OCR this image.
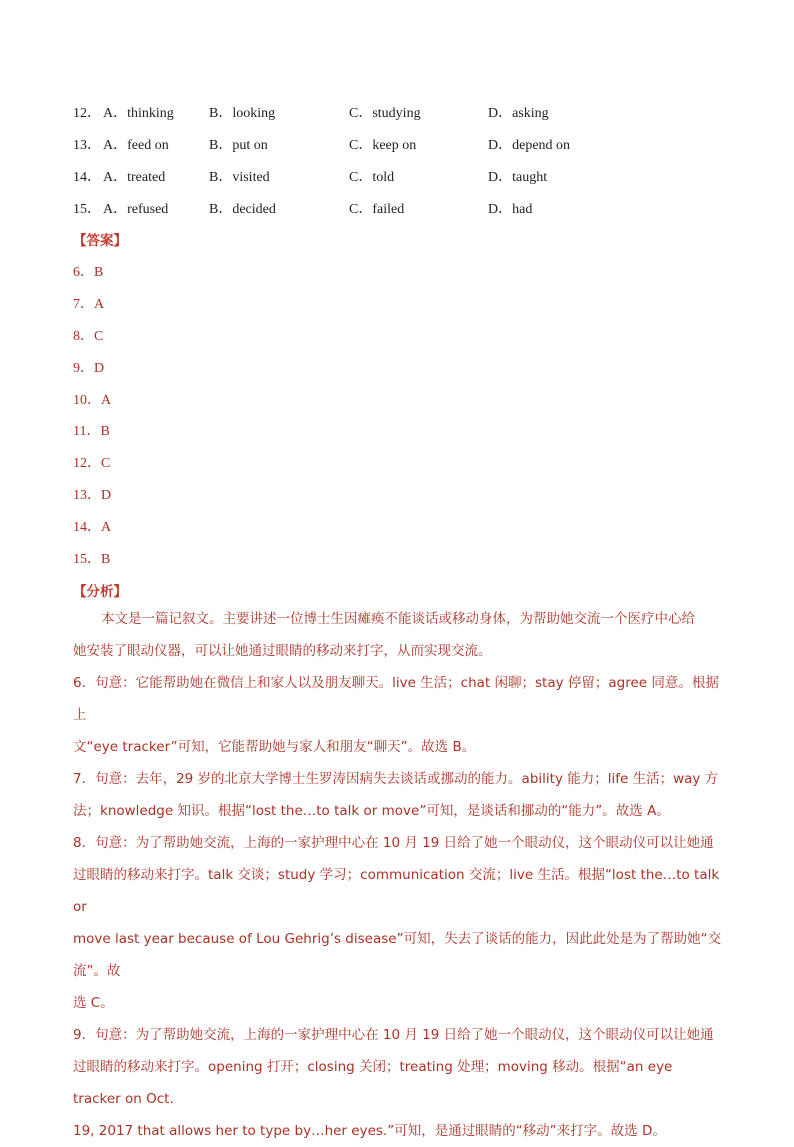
12． A．thinking	B．looking	C．studying	D．asking
13． A．feed on	B．put on	C．keep on	D．depend on
14． A．treated	B．visited	C．told	D．taught
15． A．refused	B．decided	C．failed	D．had
【答案】
6．B
7．A
8．C
9．D
10．A
11．B
12．C
13．D
14．A
15．B
【分析】

本文是一篇记叙文。主要讲述一位博士生因瘫痪不能谈话或移动身体，为帮助她交流一个医疗中心给

她安装了眼动仪器，可以让她通过眼睛的移动来打字，从而实现交流。

6．句意：它能帮助她在微信上和家人以及朋友聊天。live 生活；chat 闲聊；stay 停留；agree 同意。根据上

文“eye tracker”可知，它能帮助她与家人和朋友“聊天”。故选 B。

7．句意：去年，29 岁的北京大学博士生罗涛因病失去谈话或挪动的能力。ability 能力；life 生活；way 方

法；knowledge 知识。根据“lost the…to talk or move”可知，是谈话和挪动的“能力”。故选 A。

8．句意：为了帮助她交流，上海的一家护理中心在 10 月 19 日给了她一个眼动仪，这个眼动仪可以让她通

过眼睛的移动来打字。talk 交谈；study 学习；communication 交流；live 生活。根据“lost the…to talk or

move last year because of Lou Gehrig’s disease”可知，失去了谈话的能力，因此此处是为了帮助她“交流”。故

选 C。

9．句意：为了帮助她交流，上海的一家护理中心在 10 月 19 日给了她一个眼动仪，这个眼动仪可以让她通

过眼睛的移动来打字。opening 打开；closing 关闭；treating 处理；moving 移动。根据“an eye tracker on Oct.

19, 2017 that allows her to type by…her eyes.”可知，是通过眼睛的“移动”来打字。故选 D。
